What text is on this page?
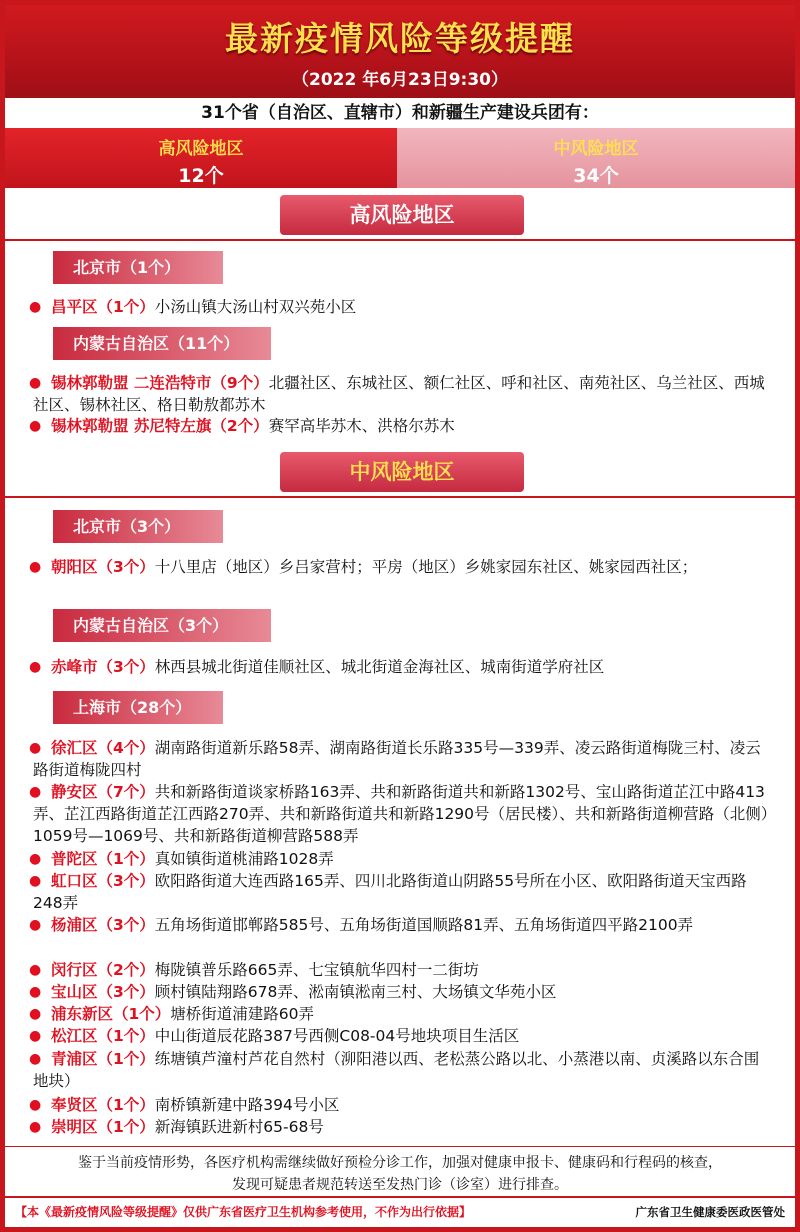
最新疫情风险等级提醒
（2022 年6月23日9:30）
31个省（自治区、直辖市）和新疆生产建设兵团有：
高风险地区
12个
中风险地区
34个
高风险地区
北京市（1个）
● 昌平区（1个）小汤山镇大汤山村双兴苑小区
内蒙古自治区（11个）
● 锡林郭勒盟 二连浩特市（9个）北疆社区、东城社区、额仁社区、呼和社区、南苑社区、乌兰社区、西城社区、锡林社区、格日勒敖都苏木
● 锡林郭勒盟 苏尼特左旗（2个）赛罕高毕苏木、洪格尔苏木
中风险地区
北京市（3个）
● 朝阳区（3个）十八里店（地区）乡吕家营村；平房（地区）乡姚家园东社区、姚家园西社区；
内蒙古自治区（3个）
● 赤峰市（3个）林西县城北街道佳顺社区、城北街道金海社区、城南街道学府社区
上海市（28个）
● 徐汇区（4个）湖南路街道新乐路58弄、湖南路街道长乐路335号—339弄、凌云路街道梅陇三村、凌云路街道梅陇四村
● 静安区（7个）共和新路街道谈家桥路163弄、共和新路街道共和新路1302号、宝山路街道芷江中路413弄、芷江西路街道芷江西路270弄、共和新路街道共和新路1290号（居民楼）、共和新路街道柳营路（北侧）1059号—1069号、共和新路街道柳营路588弄
● 普陀区（1个）真如镇街道桃浦路1028弄
● 虹口区（3个）欧阳路街道大连西路165弄、四川北路街道山阴路55号所在小区、欧阳路街道天宝西路248弄
● 杨浦区（3个）五角场街道邯郸路585号、五角场街道国顺路81弄、五角场街道四平路2100弄
● 闵行区（2个）梅陇镇普乐路665弄、七宝镇航华四村一二街坊
● 宝山区（3个）顾村镇陆翔路678弄、淞南镇淞南三村、大场镇文华苑小区
● 浦东新区（1个）塘桥街道浦建路60弄
● 松江区（1个）中山街道辰花路387号西侧C08-04号地块项目生活区
● 青浦区（1个）练塘镇芦潼村芦花自然村（泖阳港以西、老松蒸公路以北、小蒸港以南、贞溪路以东合围地块）
● 奉贤区（1个）南桥镇新建中路394号小区
● 崇明区（1个）新海镇跃进新村65-68号
鉴于当前疫情形势，各医疗机构需继续做好预检分诊工作，加强对健康申报卡、健康码和行程码的核查，
发现可疑患者规范转送至发热门诊（诊室）进行排查。
【本《最新疫情风险等级提醒》仅供广东省医疗卫生机构参考使用，不作为出行依据】	广东省卫生健康委医政医管处
